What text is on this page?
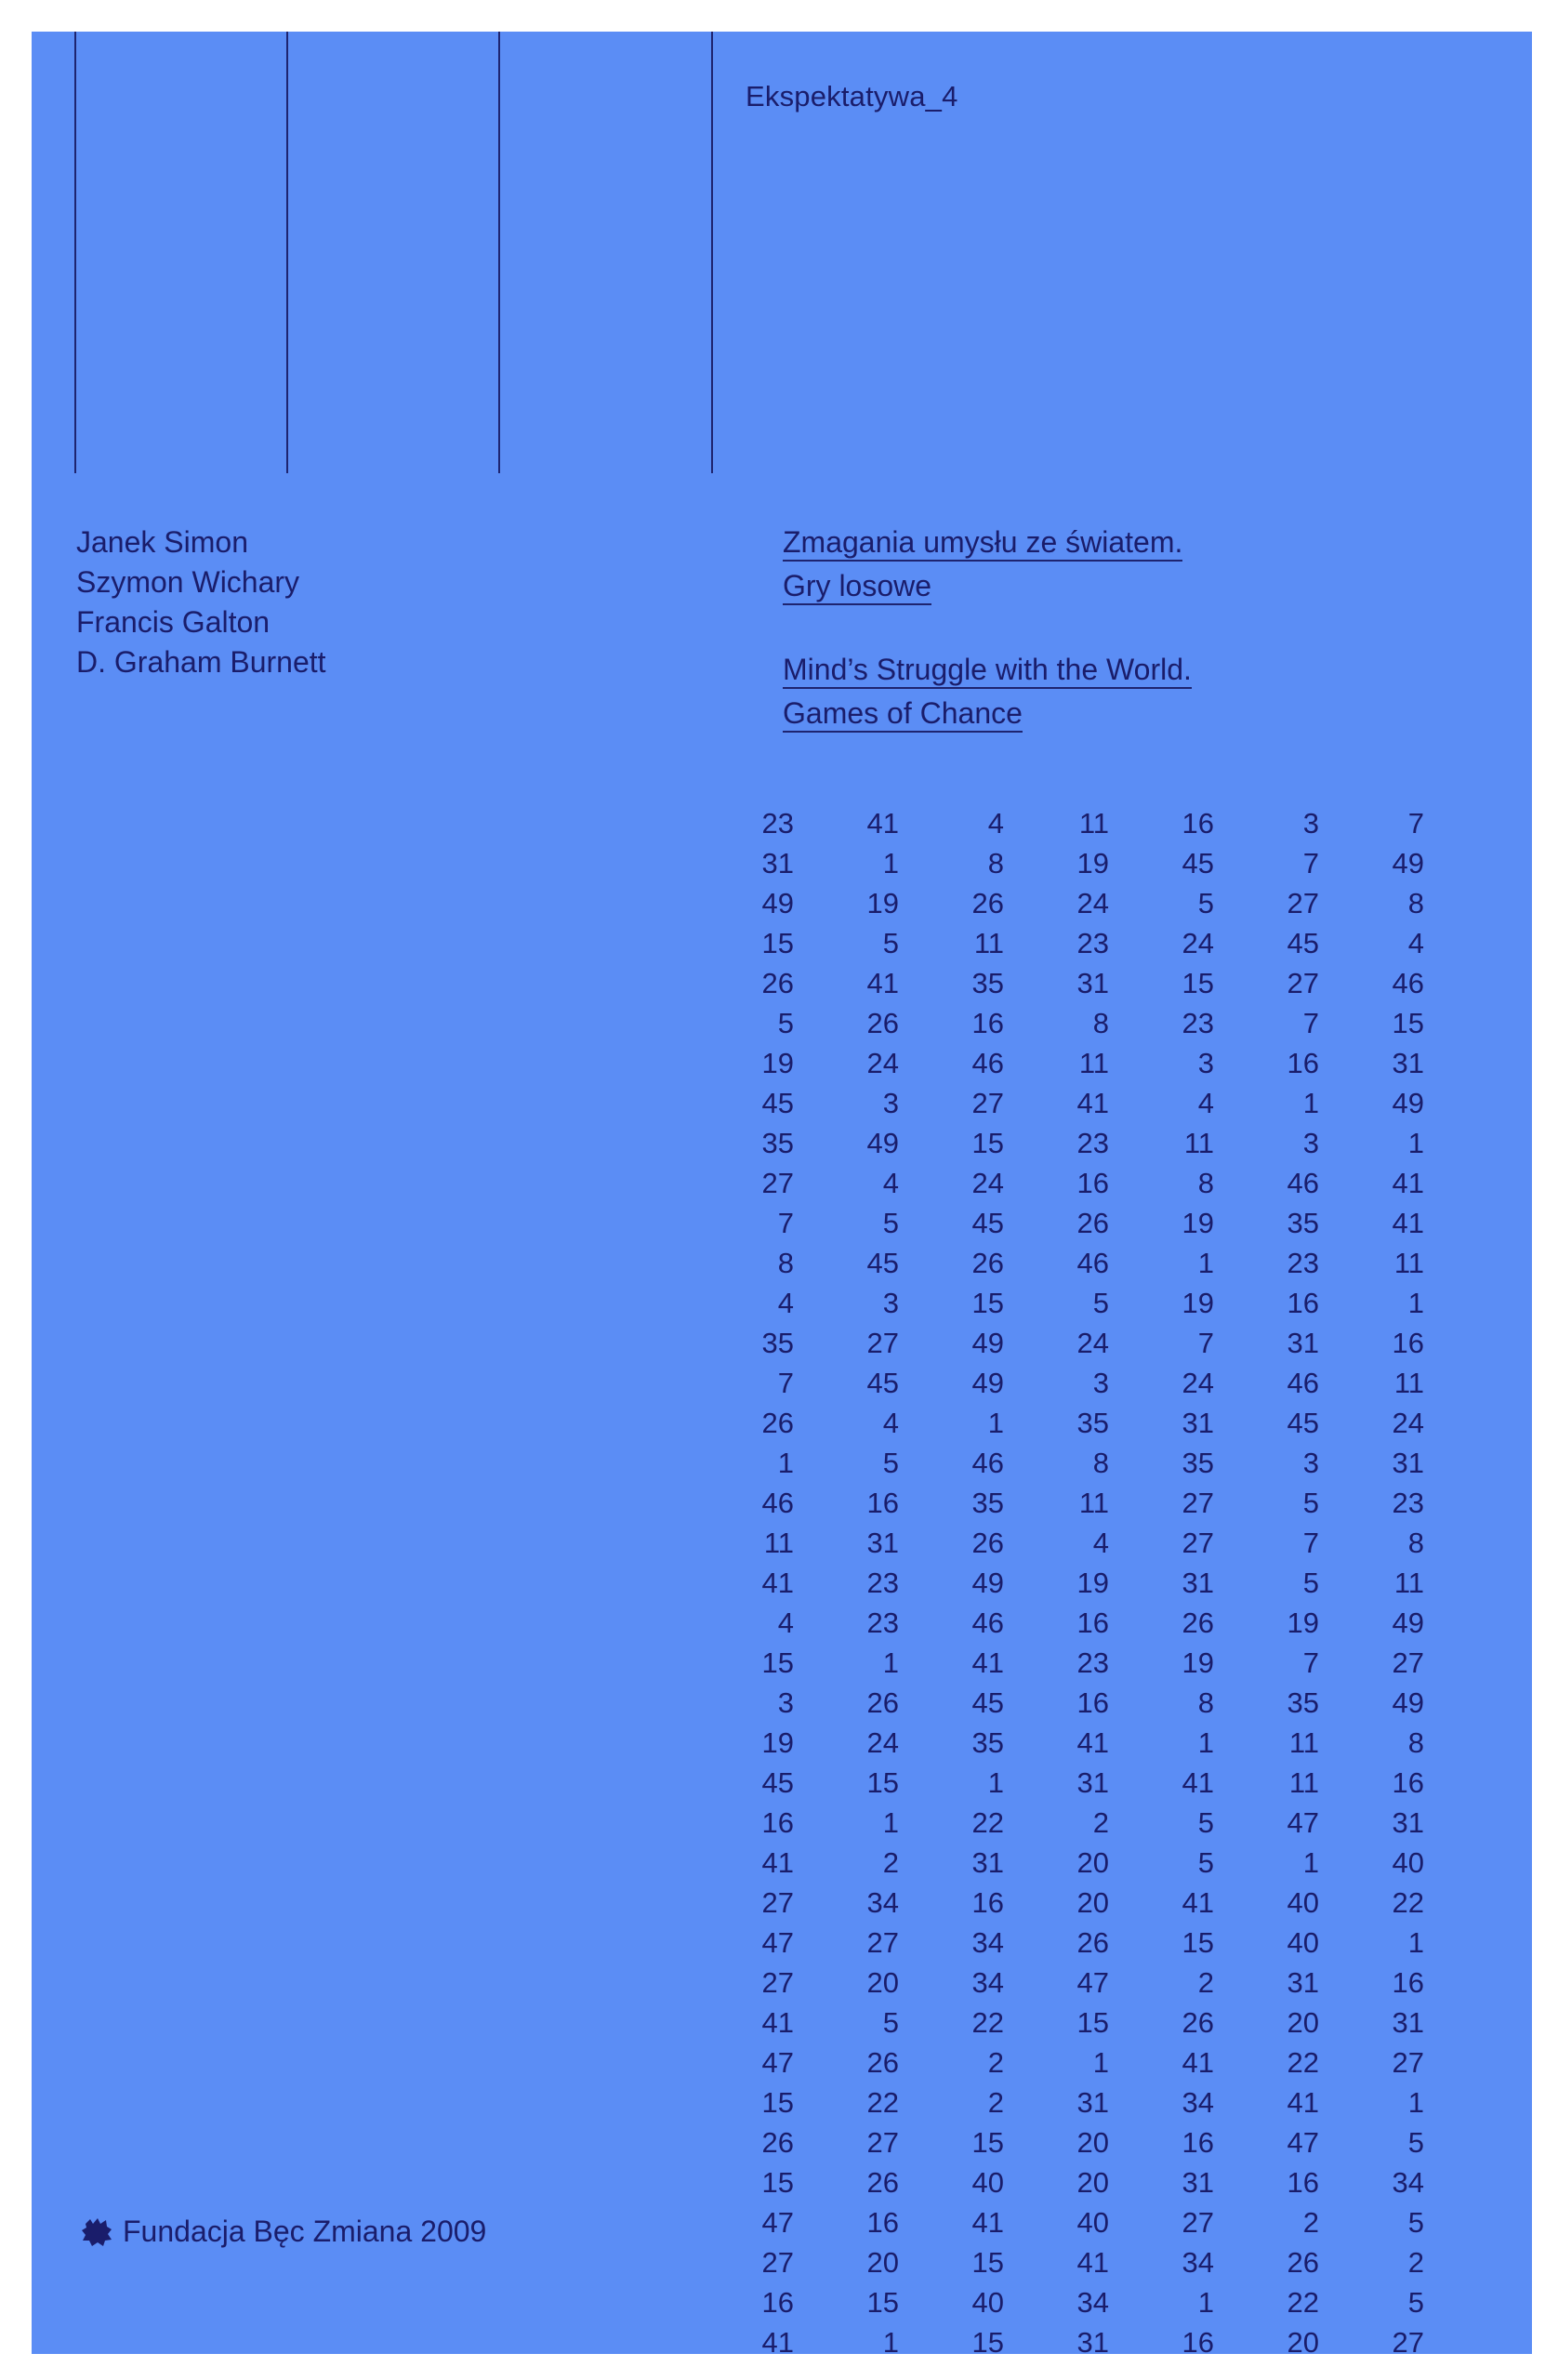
Ekspektatywa_4
Janek Simon
Szymon Wichary
Francis Galton
D. Graham Burnett
Zmagania umysłu ze światem.
Gry losowe
Mind’s Struggle with the World.
Games of Chance
23	41	4	11	16	3	7
31	1	8	19	45	7	49
49	19	26	24	5	27	8
15	5	11	23	24	45	4
26	41	35	31	15	27	46
5	26	16	8	23	7	15
19	24	46	11	3	16	31
45	3	27	41	4	1	49
35	49	15	23	11	3	1
27	4	24	16	8	46	41
7	5	45	26	19	35	41
8	45	26	46	1	23	11
4	3	15	5	19	16	1
35	27	49	24	7	31	16
7	45	49	3	24	46	11
26	4	1	35	31	45	24
1	5	46	8	35	3	31
46	16	35	11	27	5	23
11	31	26	4	27	7	8
41	23	49	19	31	5	11
4	23	46	16	26	19	49
15	1	41	23	19	7	27
3	26	45	16	8	35	49
19	24	35	41	1	11	8
45	15	1	31	41	11	16
16	1	22	2	5	47	31
41	2	31	20	5	1	40
27	34	16	20	41	40	22
47	27	34	26	15	40	1
27	20	34	47	2	31	16
41	5	22	15	26	20	31
47	26	2	1	41	22	27
15	22	2	31	34	41	1
26	27	15	20	16	47	5
15	26	40	20	31	16	34
47	16	41	40	27	2	5
27	20	15	41	34	26	2
16	15	40	34	1	22	5
41	1	15	31	16	20	27
Fundacja Bęc Zmiana 2009
